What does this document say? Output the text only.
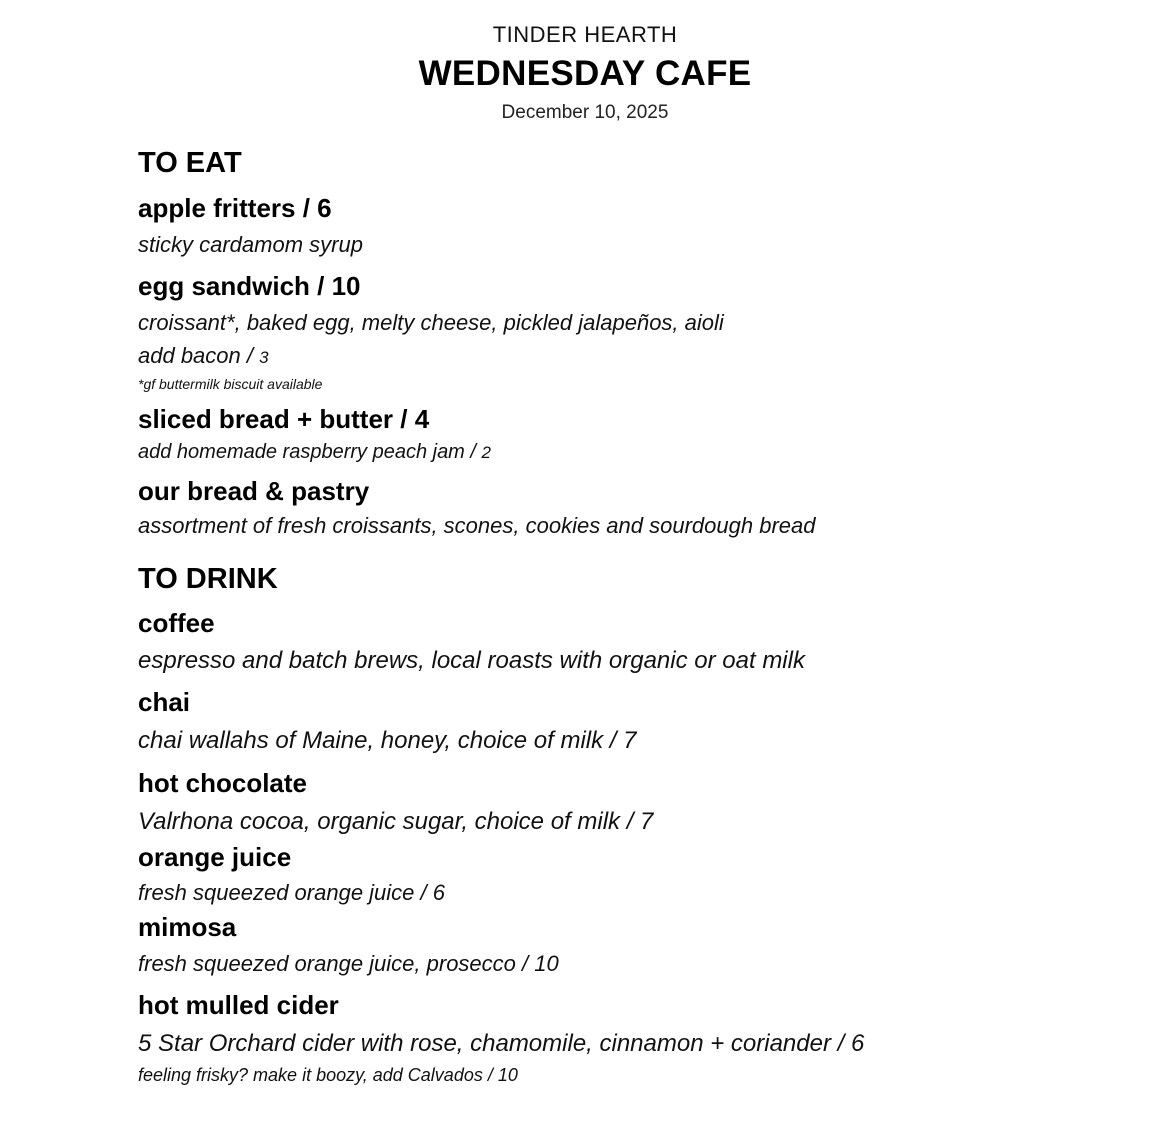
TINDER HEARTH
WEDNESDAY CAFE
December 10, 2025
TO EAT
apple fritters / 6
sticky cardamom syrup
egg sandwich / 10
croissant*, baked egg, melty cheese, pickled jalapeños, aioli
add bacon / 3
*gf buttermilk biscuit available
sliced bread + butter / 4
add homemade raspberry peach jam / 2
our bread & pastry
assortment of fresh croissants, scones, cookies and sourdough bread
TO DRINK
coffee
espresso and batch brews, local roasts with organic or oat milk
chai
chai wallahs of Maine, honey, choice of milk / 7
hot chocolate
Valrhona cocoa, organic sugar, choice of milk / 7
orange juice
fresh squeezed orange juice / 6
mimosa
fresh squeezed orange juice, prosecco / 10
hot mulled cider
5 Star Orchard cider with rose, chamomile, cinnamon + coriander / 6
feeling frisky? make it boozy, add Calvados / 10
